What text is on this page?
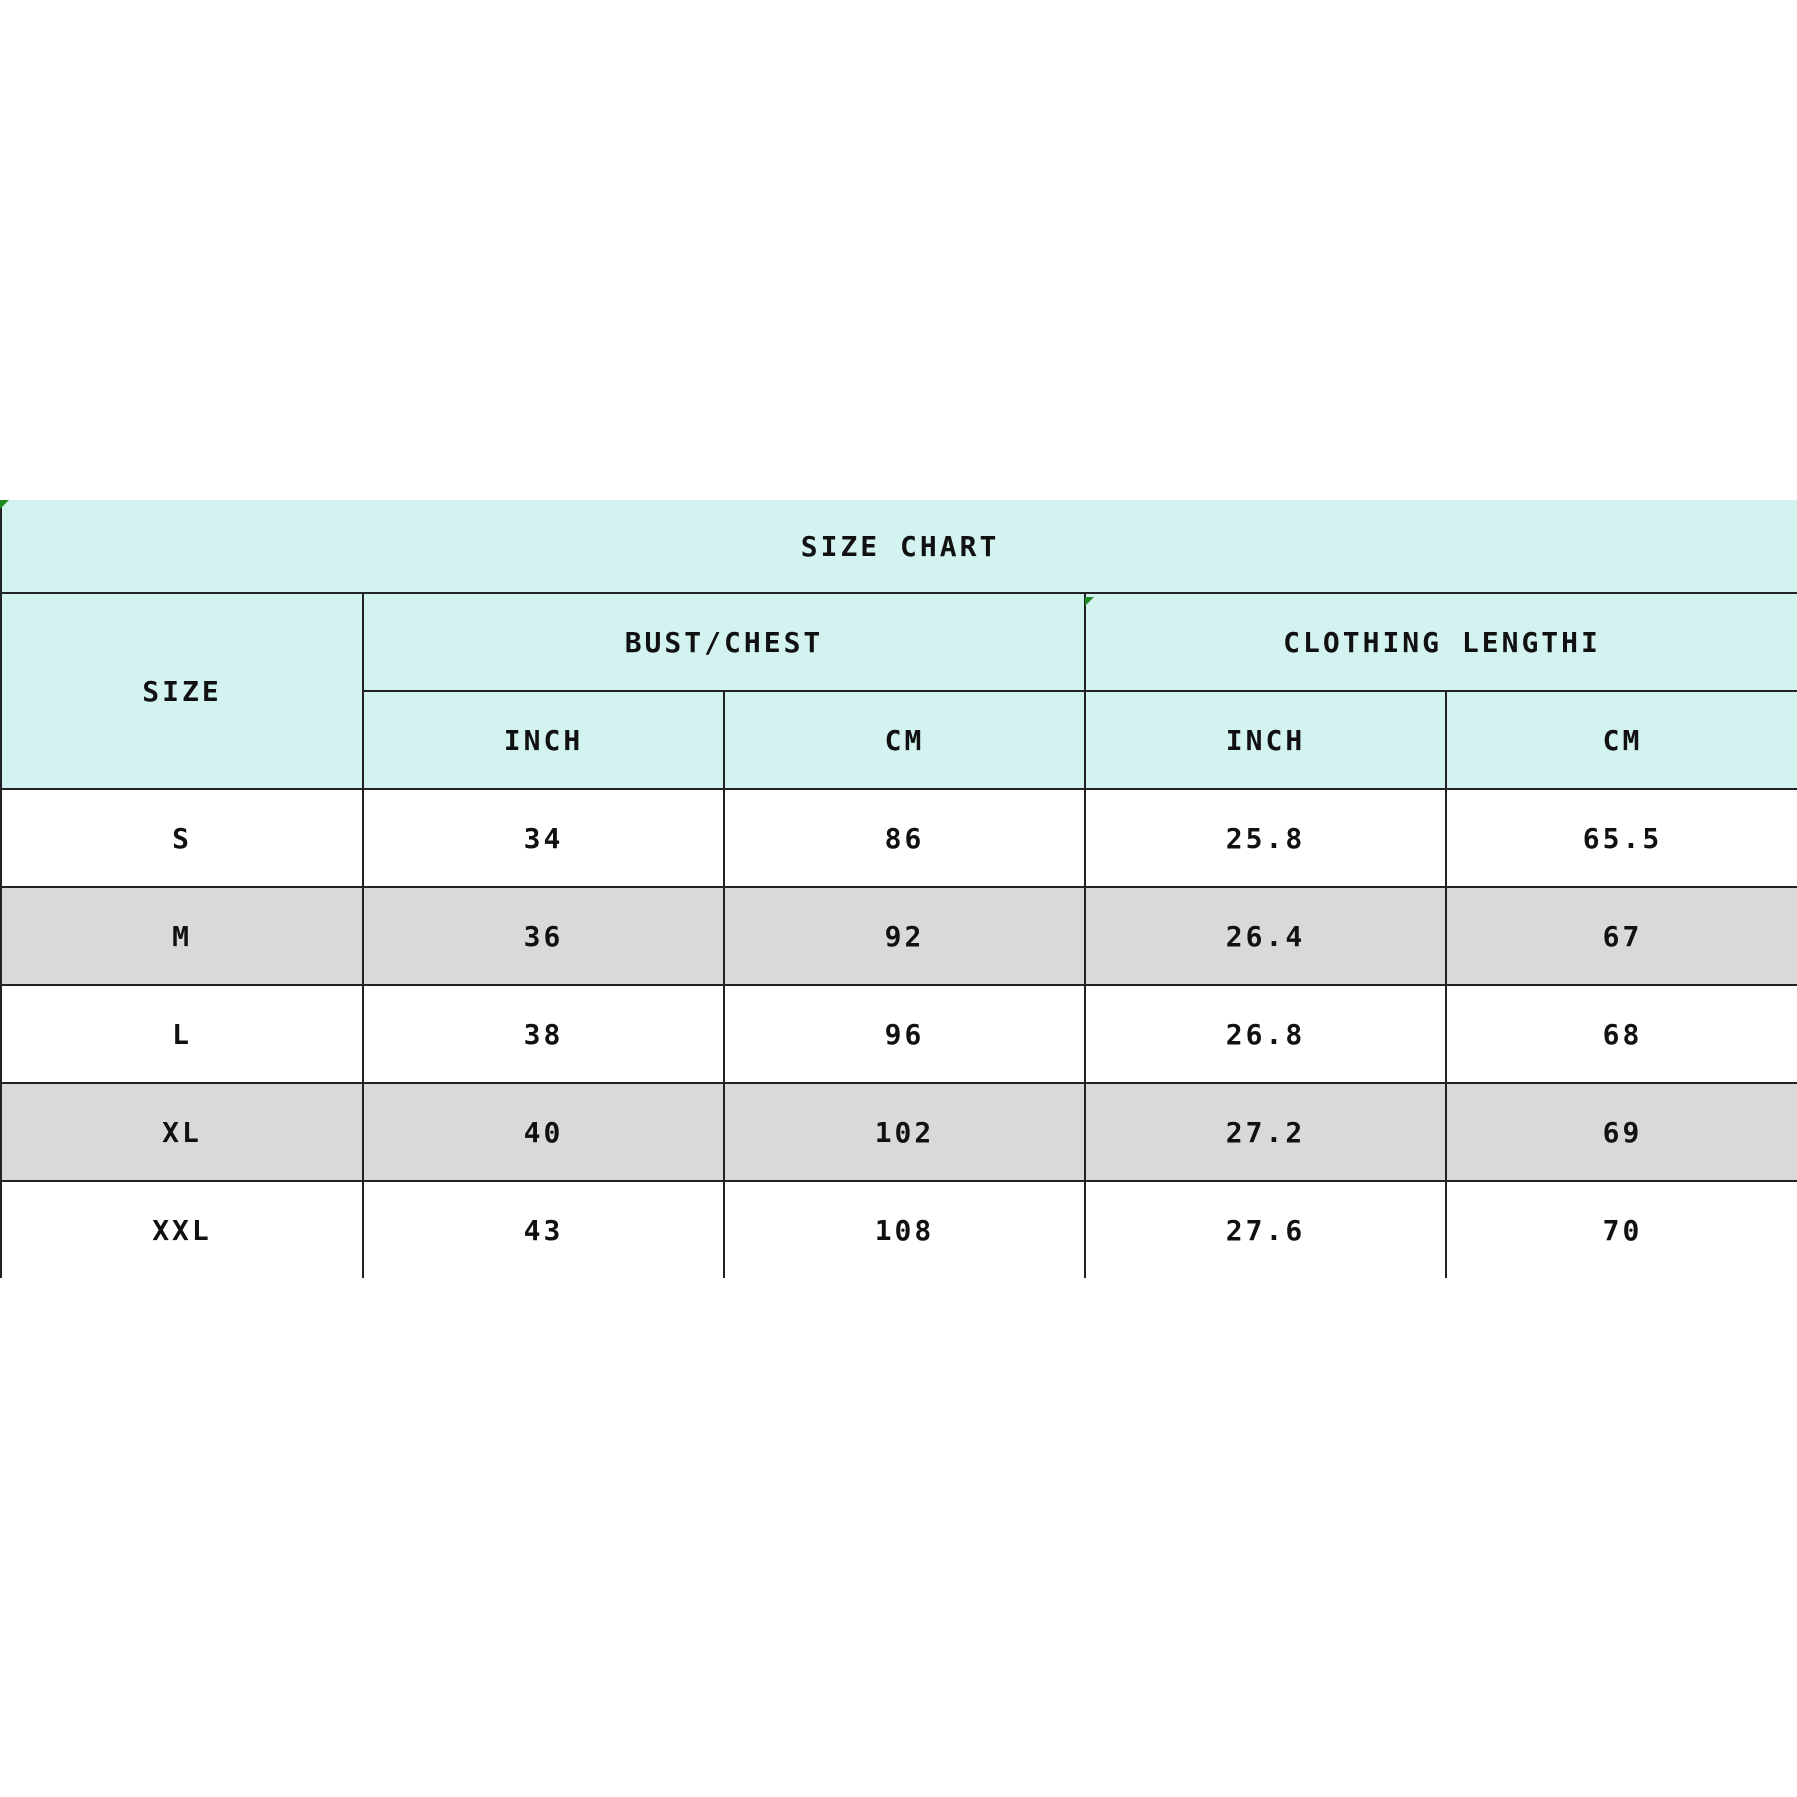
SIZE CHART				
SIZE	BUST/CHEST		CLOTHING LENGTHI	
	INCH	CM	INCH	CM
S	34	86	25.8	65.5
M	36	92	26.4	67
L	38	96	26.8	68
XL	40	102	27.2	69
XXL	43	108	27.6	70
